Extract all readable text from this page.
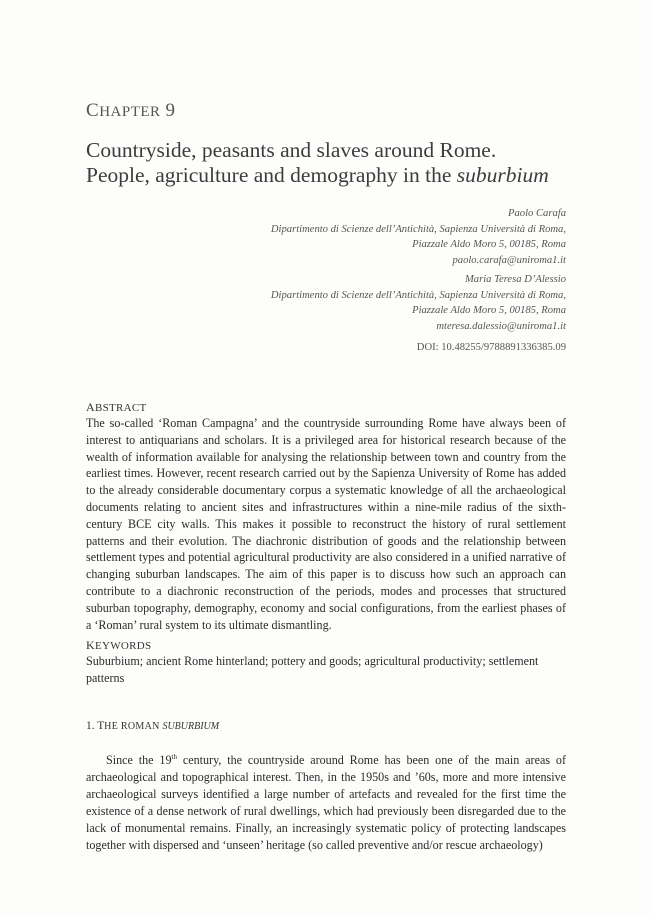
CHAPTER 9
Countryside, peasants and slaves around Rome.
People, agriculture and demography in the suburbium
Paolo Carafa
Dipartimento di Scienze dell’Antichità, Sapienza Università di Roma,
Piazzale Aldo Moro 5, 00185, Roma
paolo.carafa@uniroma1.it
Maria Teresa D’Alessio
Dipartimento di Scienze dell’Antichità, Sapienza Università di Roma,
Piazzale Aldo Moro 5, 00185, Roma
mteresa.dalessio@uniroma1.it
DOI: 10.48255/9788891336385.09
ABSTRACT

The so-called ‘Roman Campagna’ and the countryside surrounding Rome have always been of interest to antiquarians and scholars. It is a privileged area for historical research because of the wealth of information available for analysing the relationship between town and country from the earliest times. However, recent research carried out by the Sapienza University of Rome has added to the already considerable documentary corpus a systematic knowledge of all the archaeological documents relating to ancient sites and infrastructures within a nine-mile radius of the sixth-century BCE city walls. This makes it possible to reconstruct the history of rural settlement patterns and their evolution. The diachronic distribution of goods and the relationship between settlement types and potential agricultural productivity are also considered in a unified narrative of changing suburban landscapes. The aim of this paper is to discuss how such an approach can contribute to a diachronic reconstruction of the periods, modes and processes that structured suburban topography, demography, economy and social configurations, from the earliest phases of a ‘Roman’ rural system to its ultimate dismantling.

KEYWORDS

Suburbium; ancient Rome hinterland; pottery and goods; agricultural productivity; settlement patterns

1. THE ROMAN SUBURBIUM

Since the 19th century, the countryside around Rome has been one of the main areas of archaeological and topographical interest. Then, in the 1950s and ’60s, more and more intensive archaeological surveys identified a large number of artefacts and revealed for the first time the existence of a dense network of rural dwellings, which had previously been disregarded due to the lack of monumental remains. Finally, an increasingly systematic policy of protecting landscapes together with dispersed and ‘unseen’ heritage (so called preventive and/or rescue archaeology)
